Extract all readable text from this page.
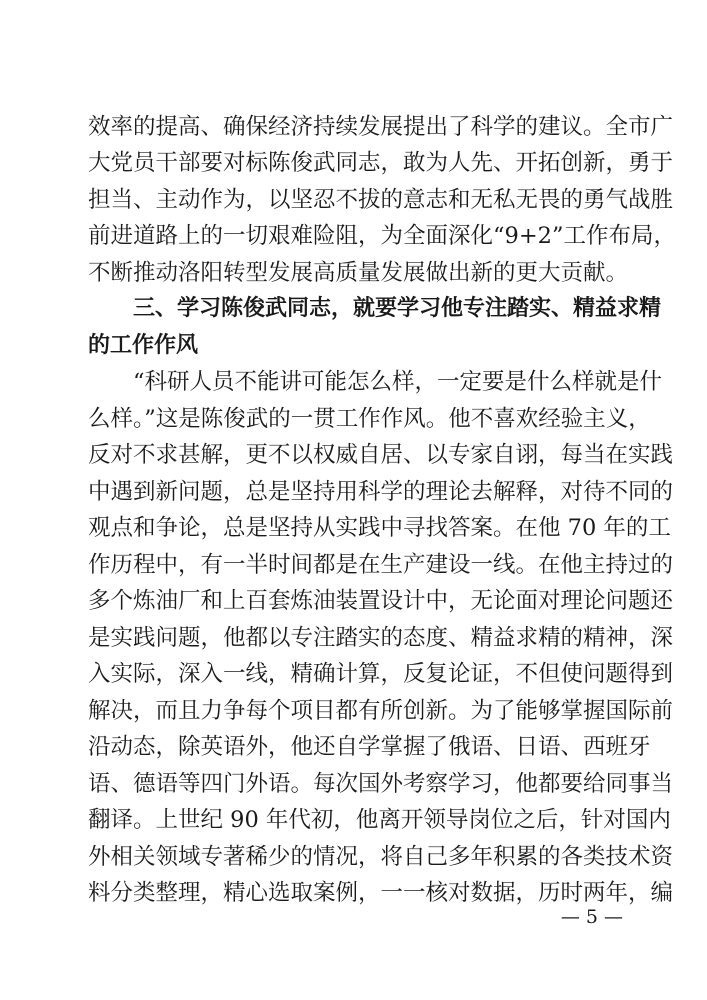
效率的提高、确保经济持续发展提出了科学的建议。全市广
大党员干部要对标陈俊武同志，敢为人先、开拓创新，勇于
担当、主动作为，以坚忍不拔的意志和无私无畏的勇气战胜
前进道路上的一切艰难险阻，为全面深化“9+2”工作布局，
不断推动洛阳转型发展高质量发展做出新的更大贡献。
三、学习陈俊武同志，就要学习他专注踏实、精益求精
的工作作风
“科研人员不能讲可能怎么样，一定要是什么样就是什
么样。”这是陈俊武的一贯工作作风。他不喜欢经验主义，
反对不求甚解，更不以权威自居、以专家自诩，每当在实践
中遇到新问题，总是坚持用科学的理论去解释，对待不同的
观点和争论，总是坚持从实践中寻找答案。在他 70 年的工
作历程中，有一半时间都是在生产建设一线。在他主持过的
多个炼油厂和上百套炼油装置设计中，无论面对理论问题还
是实践问题，他都以专注踏实的态度、精益求精的精神，深
入实际，深入一线，精确计算，反复论证，不但使问题得到
解决，而且力争每个项目都有所创新。为了能够掌握国际前
沿动态，除英语外，他还自学掌握了俄语、日语、西班牙
语、德语等四门外语。每次国外考察学习，他都要给同事当
翻译。上世纪 90 年代初，他离开领导岗位之后，针对国内
外相关领域专著稀少的情况，将自己多年积累的各类技术资
料分类整理，精心选取案例，一一核对数据，历时两年，编
— 5 —
